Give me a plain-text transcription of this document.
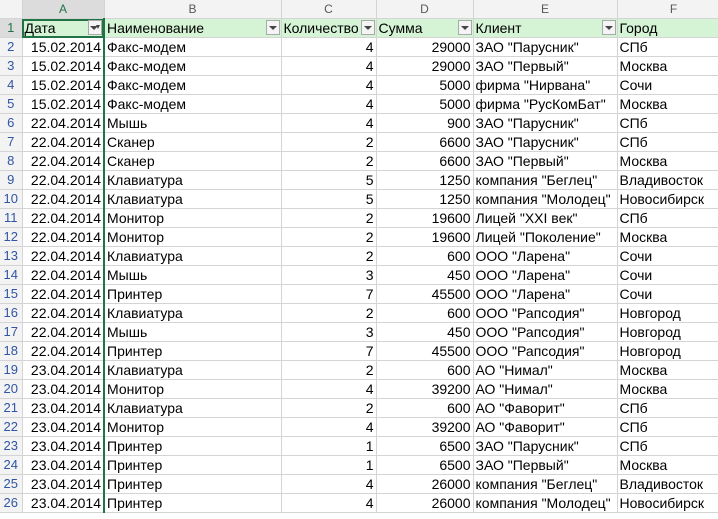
	A	B	C	D	E	F
1	Дата	Наименование	Количество	Сумма	Клиент	Город
2	15.02.2014	Факс-модем	4	29000	ЗАО "Парусник"	СПб
3	15.02.2014	Факс-модем	4	29000	ЗАО "Первый"	Москва
4	15.02.2014	Факс-модем	4	5000	фирма "Нирвана"	Сочи
5	15.02.2014	Факс-модем	4	5000	фирма "РусКомБат"	Москва
6	22.04.2014	Мышь	4	900	ЗАО "Парусник"	СПб
7	22.04.2014	Сканер	2	6600	ЗАО "Парусник"	СПб
8	22.04.2014	Сканер	2	6600	ЗАО "Первый"	Москва
9	22.04.2014	Клавиатура	5	1250	компания "Беглец"	Владивосток
10	22.04.2014	Клавиатура	5	1250	компания "Молодец"	Новосибирск
11	22.04.2014	Монитор	2	19600	Лицей "XXI век"	СПб
12	22.04.2014	Монитор	2	19600	Лицей "Поколение"	Москва
13	22.04.2014	Клавиатура	2	600	ООО "Ларена"	Сочи
14	22.04.2014	Мышь	3	450	ООО "Ларена"	Сочи
15	22.04.2014	Принтер	7	45500	ООО "Ларена"	Сочи
16	22.04.2014	Клавиатура	2	600	ООО "Рапсодия"	Новгород
17	22.04.2014	Мышь	3	450	ООО "Рапсодия"	Новгород
18	22.04.2014	Принтер	7	45500	ООО "Рапсодия"	Новгород
19	23.04.2014	Клавиатура	2	600	АО "Нимал"	Москва
20	23.04.2014	Монитор	4	39200	АО "Нимал"	Москва
21	23.04.2014	Клавиатура	2	600	АО "Фаворит"	СПб
22	23.04.2014	Монитор	4	39200	АО "Фаворит"	СПб
23	23.04.2014	Принтер	1	6500	ЗАО "Парусник"	СПб
24	23.04.2014	Принтер	1	6500	ЗАО "Первый"	Москва
25	23.04.2014	Принтер	4	26000	компания "Беглец"	Владивосток
26	23.04.2014	Принтер	4	26000	компания "Молодец"	Новосибирск
